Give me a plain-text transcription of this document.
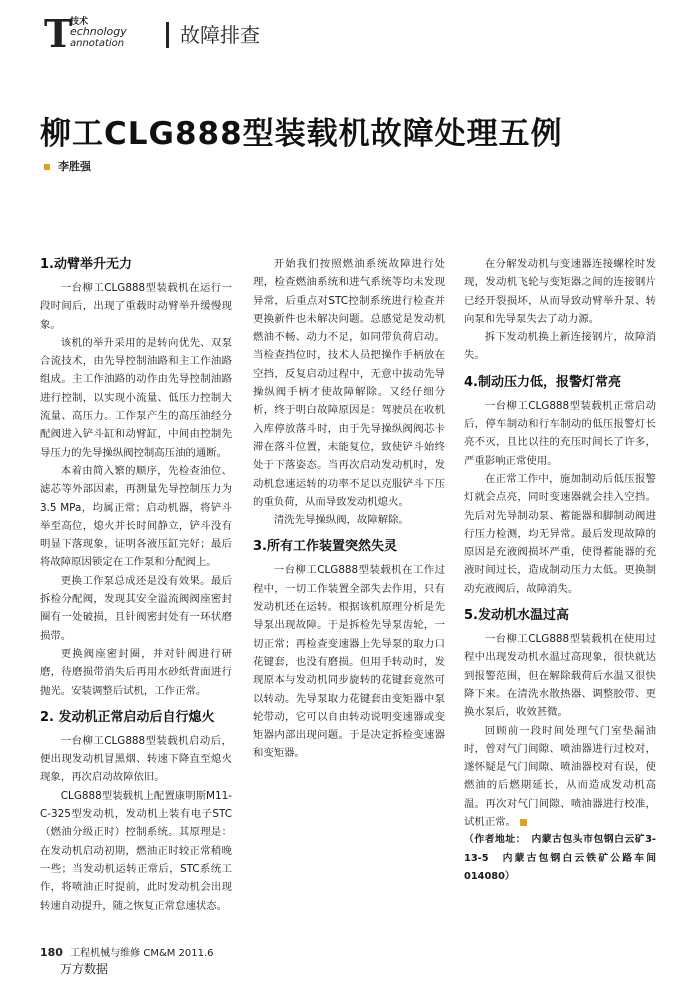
T
技术
echnology
annotation	故障排查
柳工CLG888型装载机故障处理五例
李胜强
1.动臂举升无力

一台柳工CLG888型装载机在运行一段时间后，出现了重载时动臂举升缓慢现象。

该机的举升采用的是转向优先、双泵合流技术，由先导控制油路和主工作油路组成。主工作油路的动作由先导控制油路进行控制，以实现小流量、低压力控制大流量、高压力。工作泵产生的高压油经分配阀进入铲斗缸和动臂缸，中间由控制先导压力的先导操纵阀控制高压油的通断。

本着由简入繁的顺序，先检查油位、滤芯等外部因素，再测量先导控制压力为3.5 MPa，均属正常；启动机器，将铲斗举至高位，熄火并长时间静立，铲斗没有明显下落现象，证明各液压缸完好；最后将故障原因锁定在工作泵和分配阀上。

更换工作泵总成还是没有效果。最后拆检分配阀，发现其安全溢流阀阀座密封圈有一处破损，且针阀密封处有一环状磨损带。

更换阀座密封圈，并对针阀进行研磨，待磨损带消失后再用水砂纸背面进行抛光。安装调整后试机，工作正常。

2. 发动机正常启动后自行熄火

一台柳工CLG888型装载机启动后，便出现发动机冒黑烟、转速下降直至熄火现象，再次启动故障依旧。

CLG888型装载机上配置康明斯M11-C-325型发动机，发动机上装有电子STC（燃油分级正时）控制系统。其原理是：在发动机启动初期，燃油正时较正常稍晚一些；当发动机运转正常后，STC系统工作，将喷油正时提前，此时发动机会出现转速自动提升，随之恢复正常怠速状态。

开始我们按照燃油系统故障进行处理，检查燃油系统和进气系统等均未发现异常，后重点对STC控制系统进行检查并更换新件也未解决问题。总感觉是发动机燃油不畅、动力不足，如同带负荷启动。当检查挡位时，技术人员把操作手柄放在空挡，反复启动过程中，无意中拔动先导操纵阀手柄才使故障解除。又经仔细分析，终于明白故障原因是：驾驶员在收机入库停放落斗时，由于先导操纵阀阀芯卡滞在落斗位置，未能复位，致使铲斗始终处于下落姿态。当再次启动发动机时，发动机怠速运转的功率不足以克服铲斗下压的重负荷，从而导致发动机熄火。

清洗先导操纵阀，故障解除。

3.所有工作装置突然失灵

一台柳工CLG888型装载机在工作过程中，一切工作装置全部失去作用，只有发动机还在运转。根据该机原理分析是先导泵出现故障。于是拆检先导泵齿轮，一切正常；再检查变速器上先导泵的取力口花键套，也没有磨损。但用手转动时，发现原本与发动机同步旋转的花键套竟然可以转动。先导泵取力花键套由变矩器中泵轮带动，它可以自由转动说明变速器或变矩器内部出现问题。于是决定拆检变速器和变矩器。

在分解发动机与变速器连接螺栓时发现，发动机飞轮与变矩器之间的连接钢片已经开裂损坏，从而导致动臂举升泵、转向泵和先导泵失去了动力源。

拆下发动机换上新连接钢片，故障消失。

4.制动压力低，报警灯常亮

一台柳工CLG888型装载机正常启动后，停车制动和行车制动的低压报警灯长亮不灭，且比以往的充压时间长了许多，严重影响正常使用。

在正常工作中，施加制动后低压报警灯就会点亮，同时变速器就会挂入空挡。先后对先导制动泵、蓄能器和脚制动阀进行压力检测，均无异常。最后发现故障的原因是充液阀损坏严重，使得蓄能器的充液时间过长，造成制动压力太低。更换制动充液阀后，故障消失。

5.发动机水温过高

一台柳工CLG888型装载机在使用过程中出现发动机水温过高现象，很快就达到报警范围，但在解除载荷后水温又很快降下来。在清洗水散热器、调整胶带、更换水泵后，收效甚微。

回顾前一段时间处理气门室垫漏油时，曾对气门间隙、喷油器进行过校对，遂怀疑是气门间隙、喷油器校对有误，使燃油的后燃期延长，从而造成发动机高温。再次对气门间隙、喷油器进行校准，试机正常。

（作者地址：　内蒙古包头市包钢白云矿3-13-5　内蒙古包钢白云铁矿公路车间　014080）

180 工程机械与维修 CM&M 2011.6
万方数据
